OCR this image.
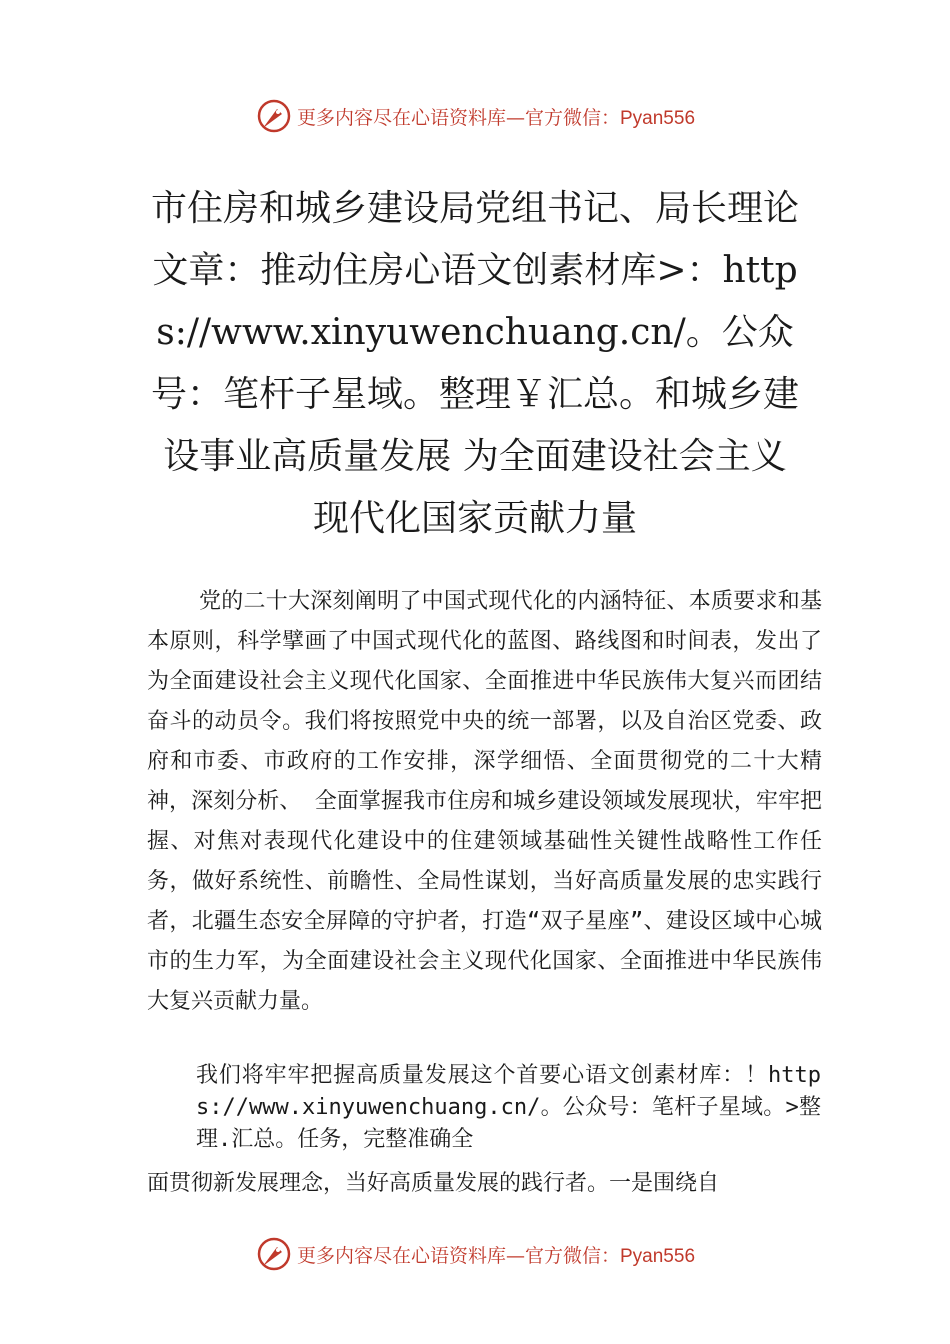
更多内容尽在心语资料库—官方微信：Pyan556
市住房和城乡建设局党组书记、局长理论文章：推动住房心语文创素材库>：https://www.xinyuwenchuang.cn/。公众号：笔杆子星域。整理￥汇总。和城乡建设事业高质量发展 为全面建设社会主义现代化国家贡献力量

党的二十大深刻阐明了中国式现代化的内涵特征、本质要求和基本原则，科学擘画了中国式现代化的蓝图、路线图和时间表，发出了为全面建设社会主义现代化国家、全面推进中华民族伟大复兴而团结奋斗的动员令。我们将按照党中央的统一部署，以及自治区党委、政府和市委、市政府的工作安排，深学细悟、全面贯彻党的二十大精神，深刻分析、 全面掌握我市住房和城乡建设领域发展现状，牢牢把握、对焦对表现代化建设中的住建领域基础性关键性战略性工作任务，做好系统性、前瞻性、全局性谋划，当好高质量发展的忠实践行者，北疆生态安全屏障的守护者，打造“双子星座”、建设区域中心城市的生力军，为全面建设社会主义现代化国家、全面推进中华民族伟大复兴贡献力量。

我们将牢牢把握高质量发展这个首要心语文创素材库：！https://www.xinyuwenchuang.cn/。公众号：笔杆子星域。>整理.汇总。任务，完整准确全

面贯彻新发展理念，当好高质量发展的践行者。一是围绕自

更多内容尽在心语资料库—官方微信：Pyan556
